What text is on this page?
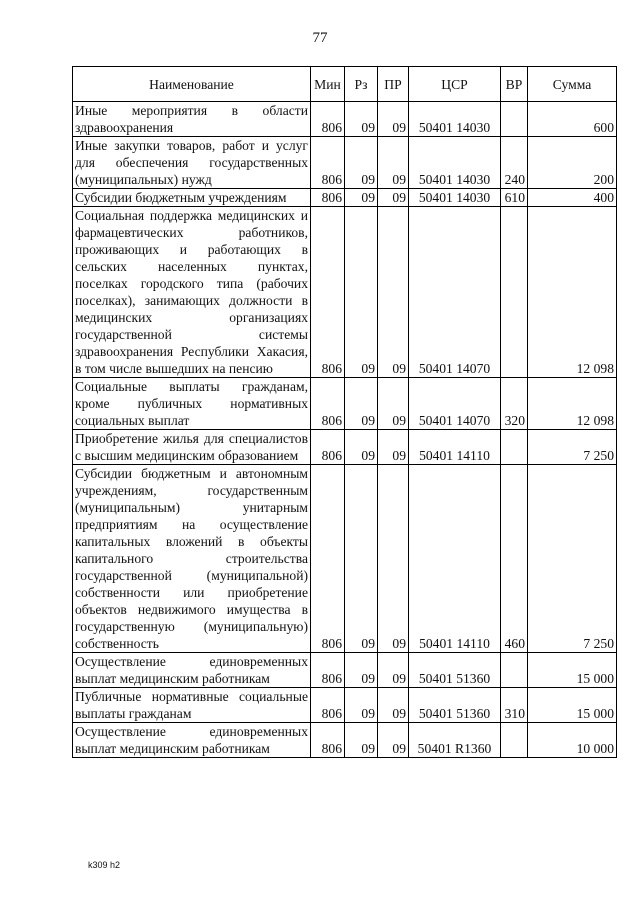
77
Наименование	Мин	Рз	ПР	ЦСР	ВР	Сумма
Иные мероприятия в области здравоохранения	806	09	09	50401 14030		600
Иные закупки товаров, работ и услуг для обеспечения государственных (муниципальных) нужд	806	09	09	50401 14030	240	200
Субсидии бюджетным учреждениям	806	09	09	50401 14030	610	400
Социальная поддержка медицинских и фармацевтических работников, проживающих и работающих в сельских населенных пунктах, поселках городского типа (рабочих поселках), занимающих должности в медицинских организациях государственной системы здравоохранения Республики Хакасия, в том числе вышедших на пенсию	806	09	09	50401 14070		12 098
Социальные выплаты гражданам, кроме публичных нормативных социальных выплат	806	09	09	50401 14070	320	12 098
Приобретение жилья для специалистов с высшим медицинским образованием	806	09	09	50401 14110		7 250
Субсидии бюджетным и автономным учреждениям, государственным (муниципальным) унитарным предприятиям на осуществление капитальных вложений в объекты капитального строительства государственной (муниципальной) собственности или приобретение объектов недвижимого имущества в государственную (муниципальную) собственность	806	09	09	50401 14110	460	7 250
Осуществление единовременных выплат медицинским работникам	806	09	09	50401 51360		15 000
Публичные нормативные социальные выплаты гражданам	806	09	09	50401 51360	310	15 000
Осуществление единовременных выплат медицинским работникам	806	09	09	50401 R1360		10 000
k309 h2
